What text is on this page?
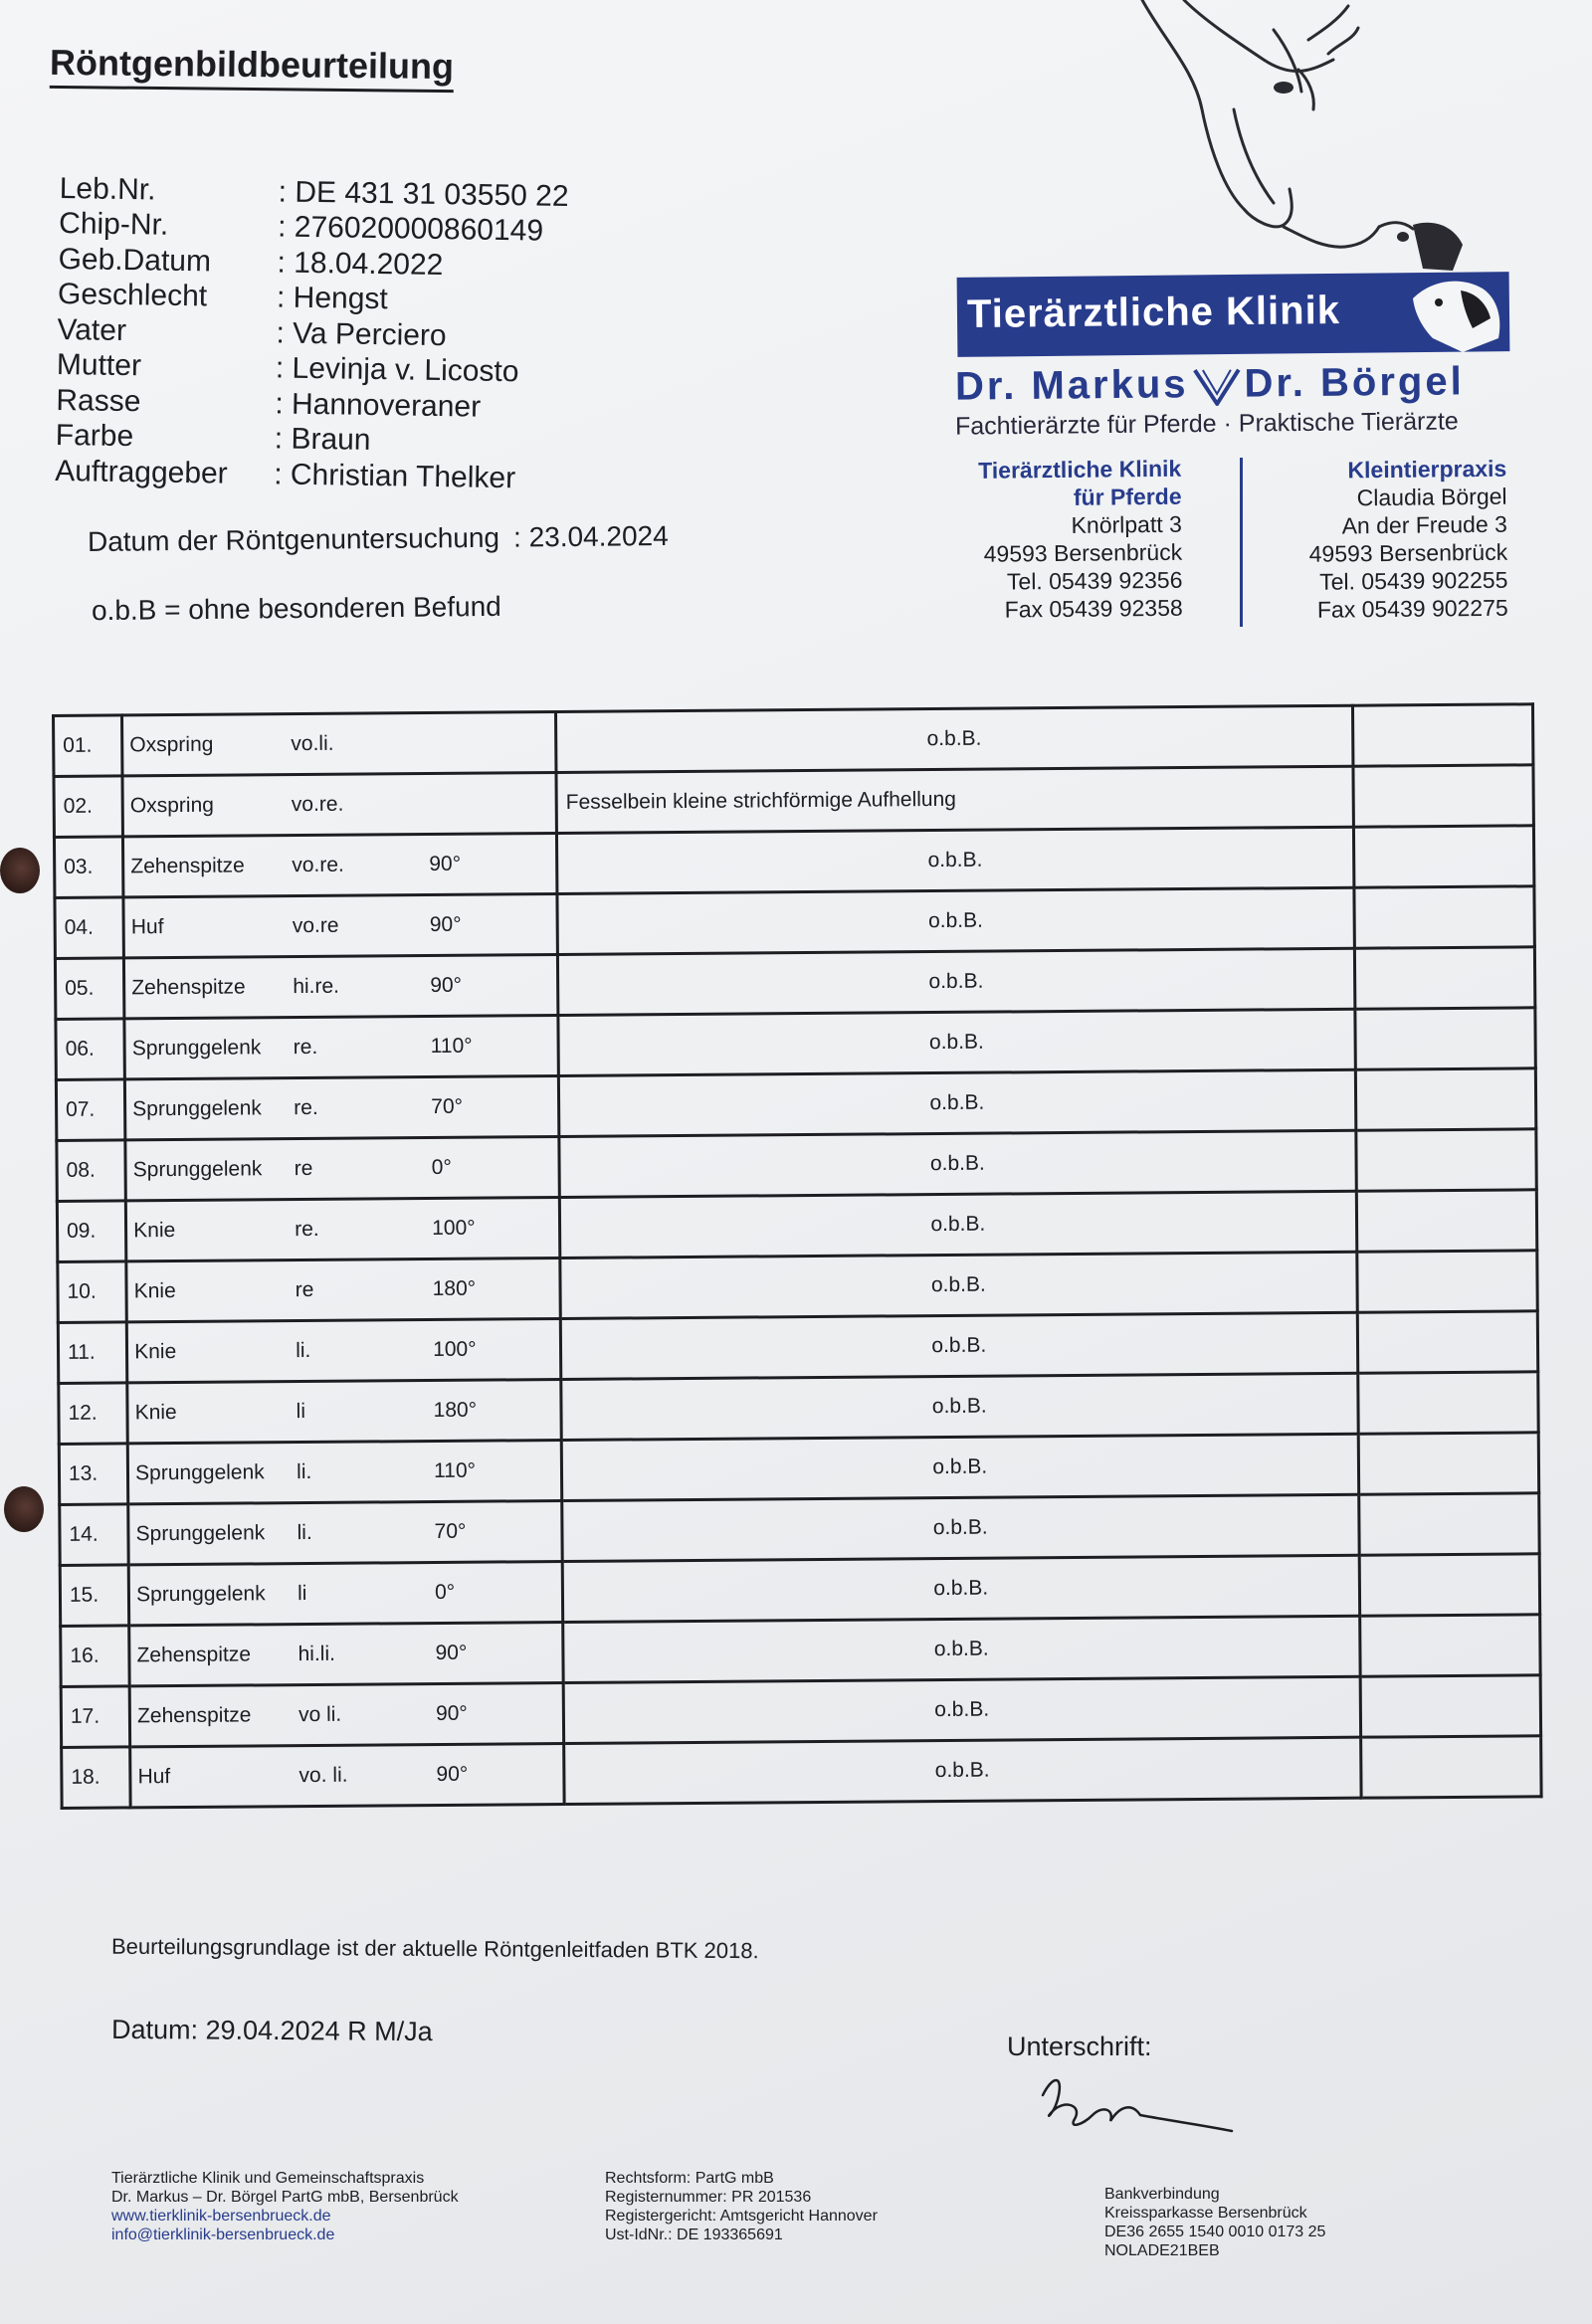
Röntgenbildbeurteilung
Leb.Nr.	: DE 431 31 03550 22
Chip-Nr.	: 276020000860149
Geb.Datum	: 18.04.2022
Geschlecht	: Hengst
Vater	: Va Perciero
Mutter	: Levinja v. Licosto
Rasse	: Hannoveraner
Farbe	: Braun
Auftraggeber	: Christian Thelker
Datum der Röntgenuntersuchung : 23.04.2024
o.b.B = ohne besonderen Befund
Tierärztliche Klinik
Dr. Markus Dr. Börgel
Fachtierärzte für Pferde · Praktische Tierärzte
Tierärztliche Klinik
für Pferde
Knörlpatt 3
49593 Bersenbrück
Tel. 05439 92356
Fax 05439 92358
Kleintierpraxis
Claudia Börgel
An der Freude 3
49593 Bersenbrück
Tel. 05439 902255
Fax 05439 902275
01.	Oxspring vo.li.	o.b.B.	
02.	Oxspring vo.re.	Fesselbein kleine strichförmige Aufhellung	
03.	Zehenspitze vo.re. 90°	o.b.B.	
04.	Huf vo.re 90°	o.b.B.	
05.	Zehenspitze hi.re. 90°	o.b.B.	
06.	Sprunggelenk re. 110°	o.b.B.	
07.	Sprunggelenk re. 70°	o.b.B.	
08.	Sprunggelenk re 0°	o.b.B.	
09.	Knie re. 100°	o.b.B.	
10.	Knie re 180°	o.b.B.	
11.	Knie li. 100°	o.b.B.	
12.	Knie li 180°	o.b.B.	
13.	Sprunggelenk li. 110°	o.b.B.	
14.	Sprunggelenk li. 70°	o.b.B.	
15.	Sprunggelenk li 0°	o.b.B.	
16.	Zehenspitze hi.li. 90°	o.b.B.	
17.	Zehenspitze vo li. 90°	o.b.B.	
18.	Huf vo. li. 90°	o.b.B.	
Beurteilungsgrundlage ist der aktuelle Röntgenleitfaden BTK 2018.
Datum: 29.04.2024 R M/Ja	Unterschrift:
Tierärztliche Klinik und Gemeinschaftspraxis
Dr. Markus – Dr. Börgel PartG mbB, Bersenbrück
www.tierklinik-bersenbrueck.de
info@tierklinik-bersenbrueck.de
Rechtsform: PartG mbB
Registernummer: PR 201536
Registergericht: Amtsgericht Hannover
Ust-IdNr.: DE 193365691
Bankverbindung
Kreissparkasse Bersenbrück
DE36 2655 1540 0010 0173 25
NOLADE21BEB
